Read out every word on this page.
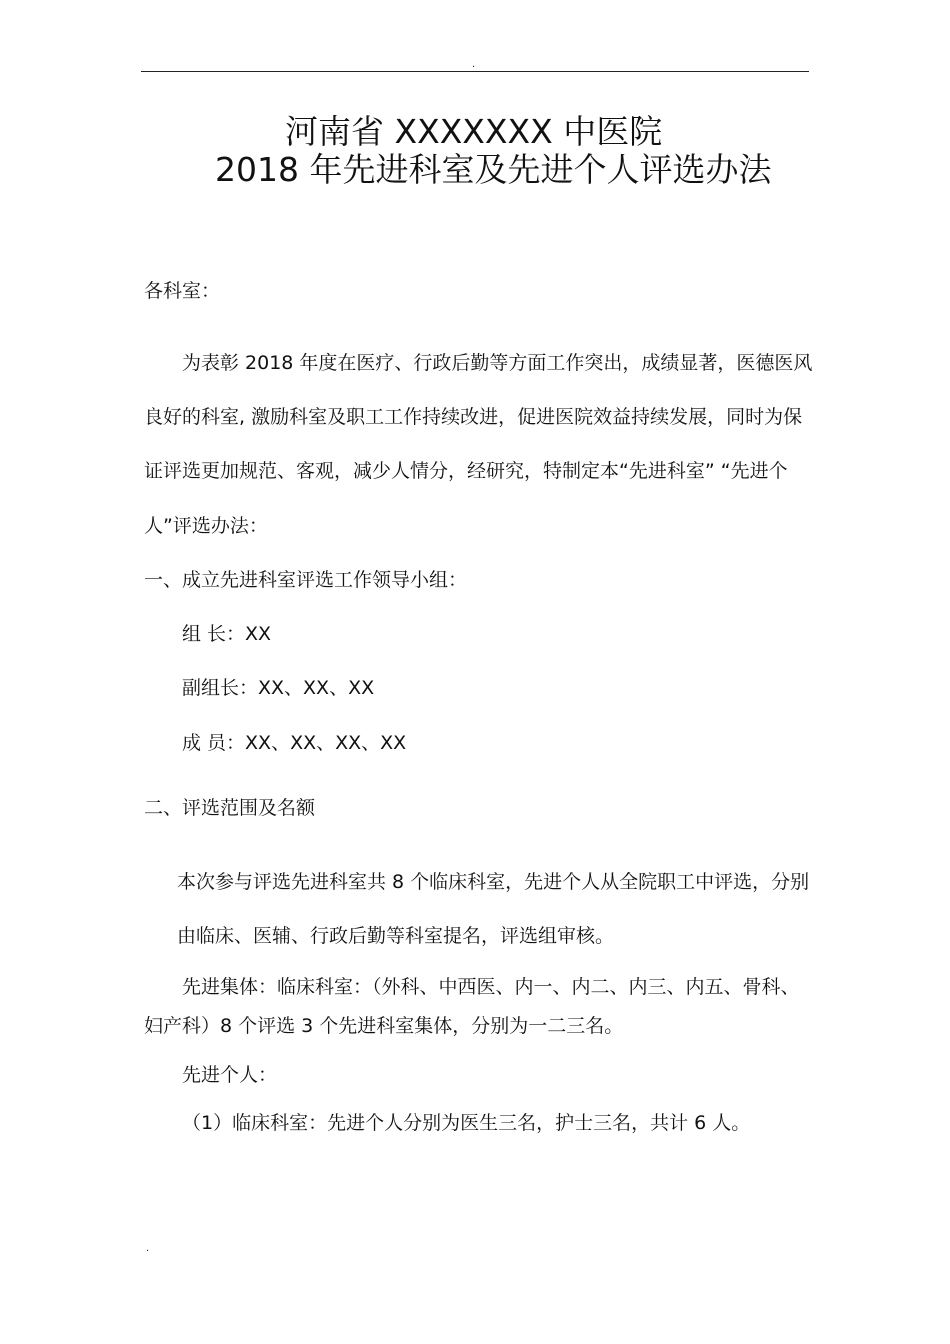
.
河南省 XXXXXXX 中医院
2018 年先进科室及先进个人评选办法
各科室：
为表彰 2018 年度在医疗、行政后勤等方面工作突出，成绩显著，医德医风
良好的科室, 激励科室及职工工作持续改进，促进医院效益持续发展，同时为保
证评选更加规范、客观，减少人情分，经研究，特制定本“先进科室” “先进个
人”评选办法：
一、成立先进科室评选工作领导小组：
组 长：XX
副组长：XX、XX、XX
成 员：XX、XX、XX、XX
二、评选范围及名额
本次参与评选先进科室共 8 个临床科室，先进个人从全院职工中评选，分别
由临床、医辅、行政后勤等科室提名，评选组审核。
先进集体：临床科室：（外科、中西医、内一、内二、内三、内五、骨科、
妇产科）8 个评选 3 个先进科室集体，分别为一二三名。
先进个人：
（1）临床科室：先进个人分别为医生三名，护士三名，共计 6 人。
.
